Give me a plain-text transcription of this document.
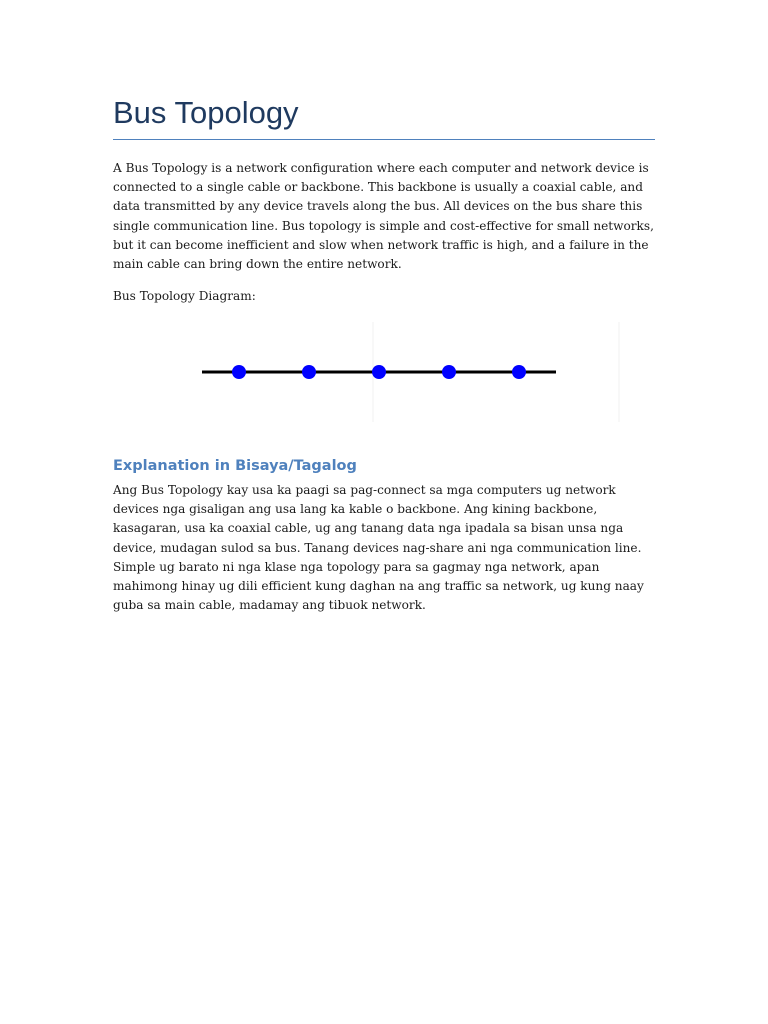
Bus Topology

A Bus Topology is a network configuration where each computer and network device is connected to a single cable or backbone. This backbone is usually a coaxial cable, and data transmitted by any device travels along the bus. All devices on the bus share this single communication line. Bus topology is simple and cost-effective for small networks, but it can become inefficient and slow when network traffic is high, and a failure in the main cable can bring down the entire network.

Bus Topology Diagram:

Explanation in Bisaya/Tagalog

Ang Bus Topology kay usa ka paagi sa pag-connect sa mga computers ug network devices nga gisaligan ang usa lang ka kable o backbone. Ang kining backbone, kasagaran, usa ka coaxial cable, ug ang tanang data nga ipadala sa bisan unsa nga device, mudagan sulod sa bus. Tanang devices nag-share ani nga communication line. Simple ug barato ni nga klase nga topology para sa gagmay nga network, apan mahimong hinay ug dili efficient kung daghan na ang traffic sa network, ug kung naay guba sa main cable, madamay ang tibuok network.
